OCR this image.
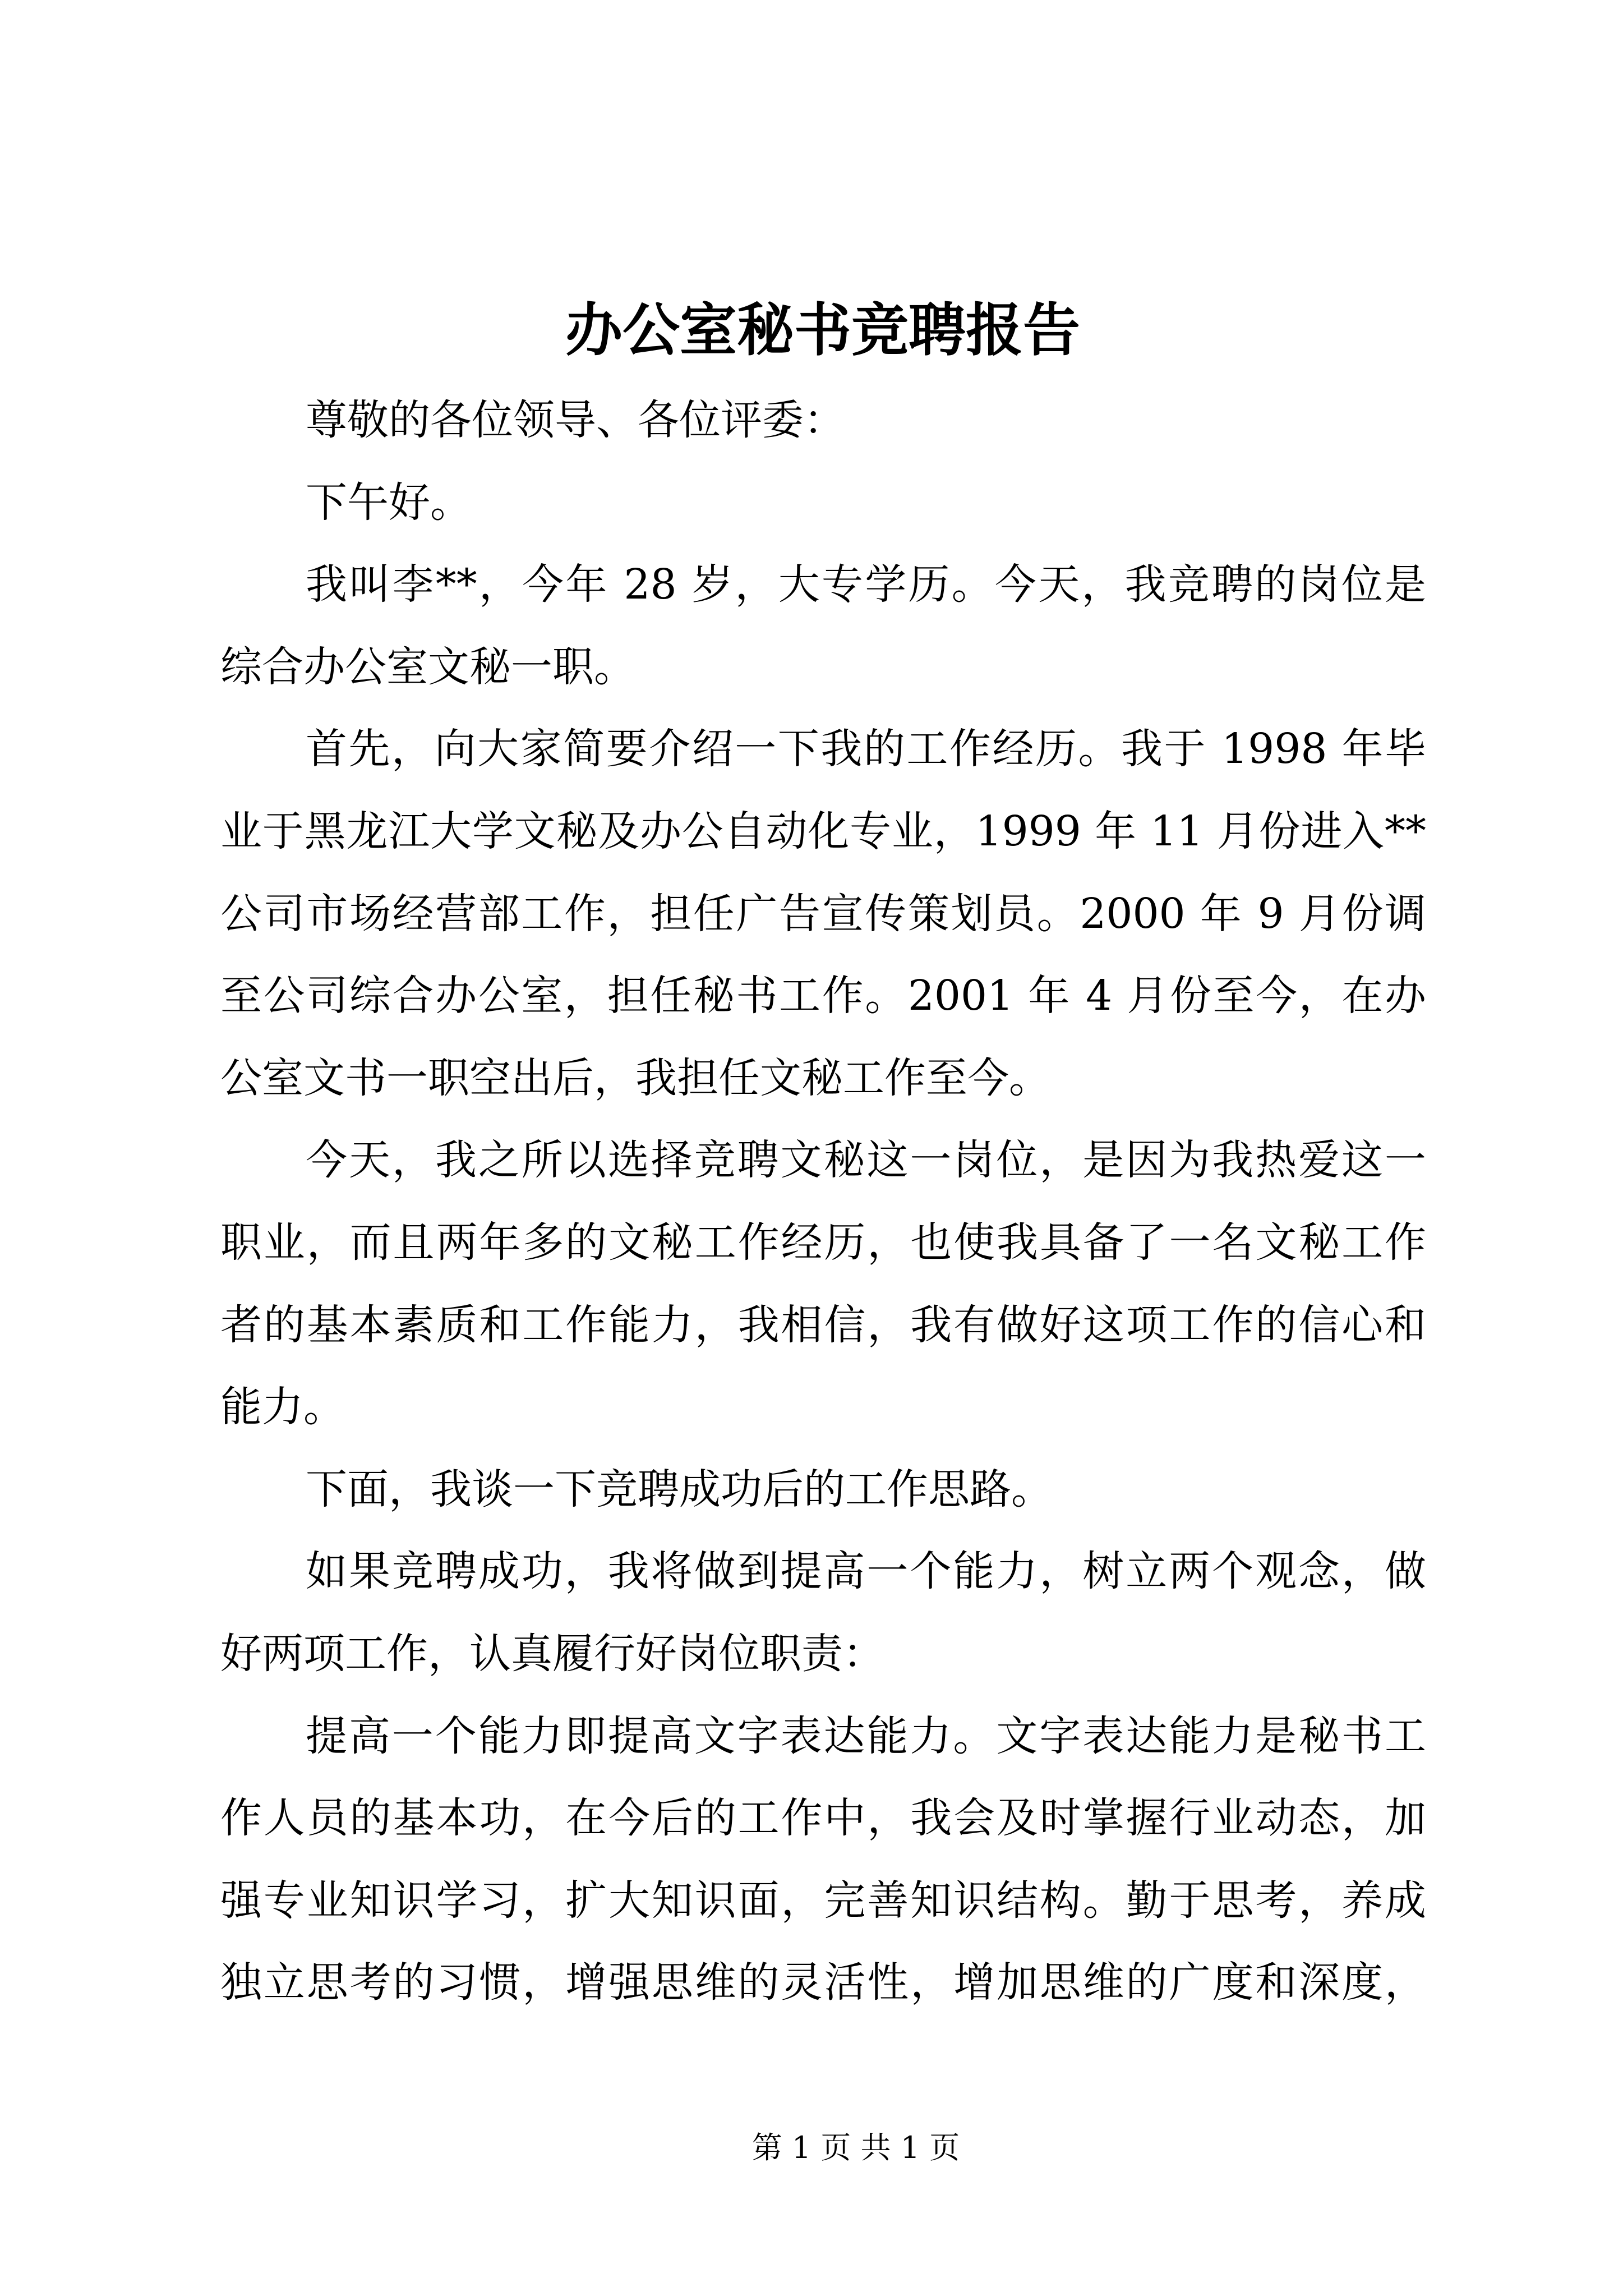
办公室秘书竞聘报告
尊敬的各位领导、各位评委：
下午好。
我叫李**，今年 28 岁，大专学历。今天，我竞聘的岗位是
综合办公室文秘一职。
首先，向大家简要介绍一下我的工作经历。我于 1998 年毕
业于黑龙江大学文秘及办公自动化专业，1999 年 11 月份进入**
公司市场经营部工作，担任广告宣传策划员。2000 年 9 月份调
至公司综合办公室，担任秘书工作。2001 年 4 月份至今，在办
公室文书一职空出后，我担任文秘工作至今。
今天，我之所以选择竞聘文秘这一岗位，是因为我热爱这一
职业，而且两年多的文秘工作经历，也使我具备了一名文秘工作
者的基本素质和工作能力，我相信，我有做好这项工作的信心和
能力。
下面，我谈一下竞聘成功后的工作思路。
如果竞聘成功，我将做到提高一个能力，树立两个观念，做
好两项工作，认真履行好岗位职责：
提高一个能力即提高文字表达能力。文字表达能力是秘书工
作人员的基本功，在今后的工作中，我会及时掌握行业动态，加
强专业知识学习，扩大知识面，完善知识结构。勤于思考，养成
独立思考的习惯，增强思维的灵活性，增加思维的广度和深度，
第 1 页 共 1 页
